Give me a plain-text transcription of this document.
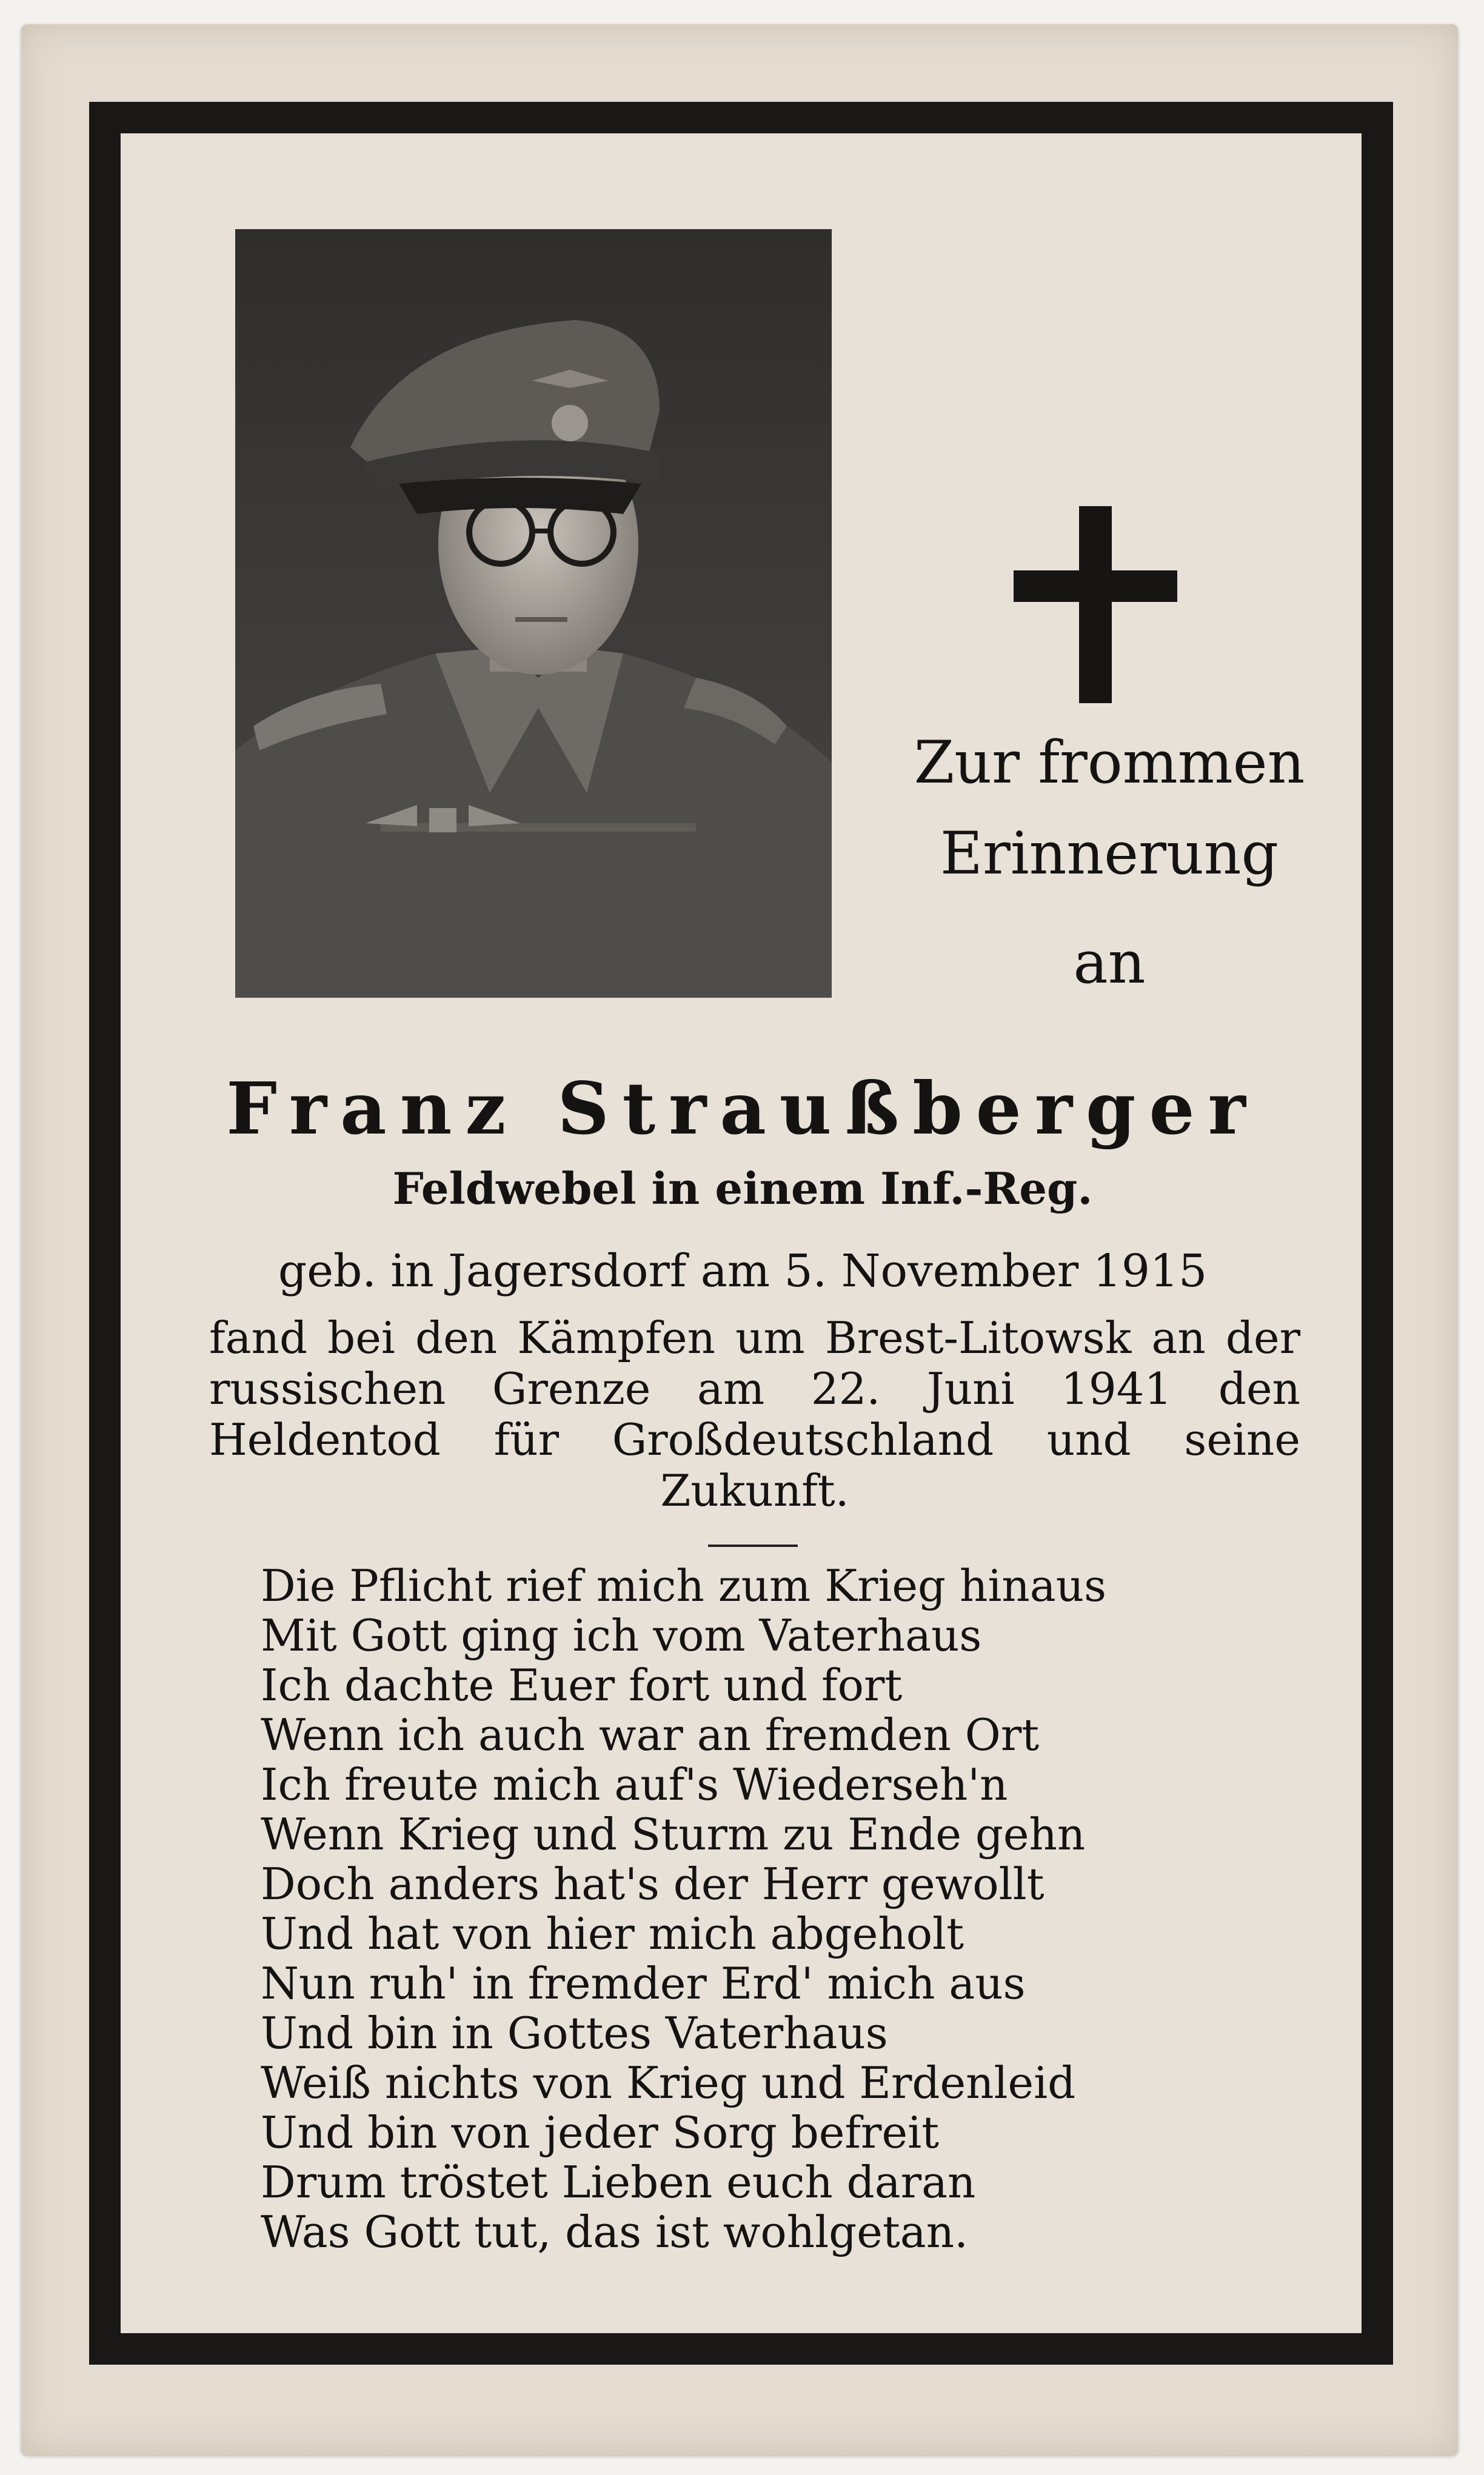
Zur frommen
Erinnerung
an
Franz Straußberger
Feldwebel in einem Inf.-Reg.
geb. in Jagersdorf am 5. November 1915
fand bei den Kämpfen um Brest-Litowsk an der russischen Grenze am 22. Juni 1941 den Heldentod für Großdeutschland und seine Zukunft.
Die Pflicht rief mich zum Krieg hinaus
Mit Gott ging ich vom Vaterhaus
Ich dachte Euer fort und fort
Wenn ich auch war an fremden Ort
Ich freute mich auf's Wiederseh'n
Wenn Krieg und Sturm zu Ende gehn
Doch anders hat's der Herr gewollt
Und hat von hier mich abgeholt
Nun ruh' in fremder Erd' mich aus
Und bin in Gottes Vaterhaus
Weiß nichts von Krieg und Erdenleid
Und bin von jeder Sorg befreit
Drum tröstet Lieben euch daran
Was Gott tut, das ist wohlgetan.
